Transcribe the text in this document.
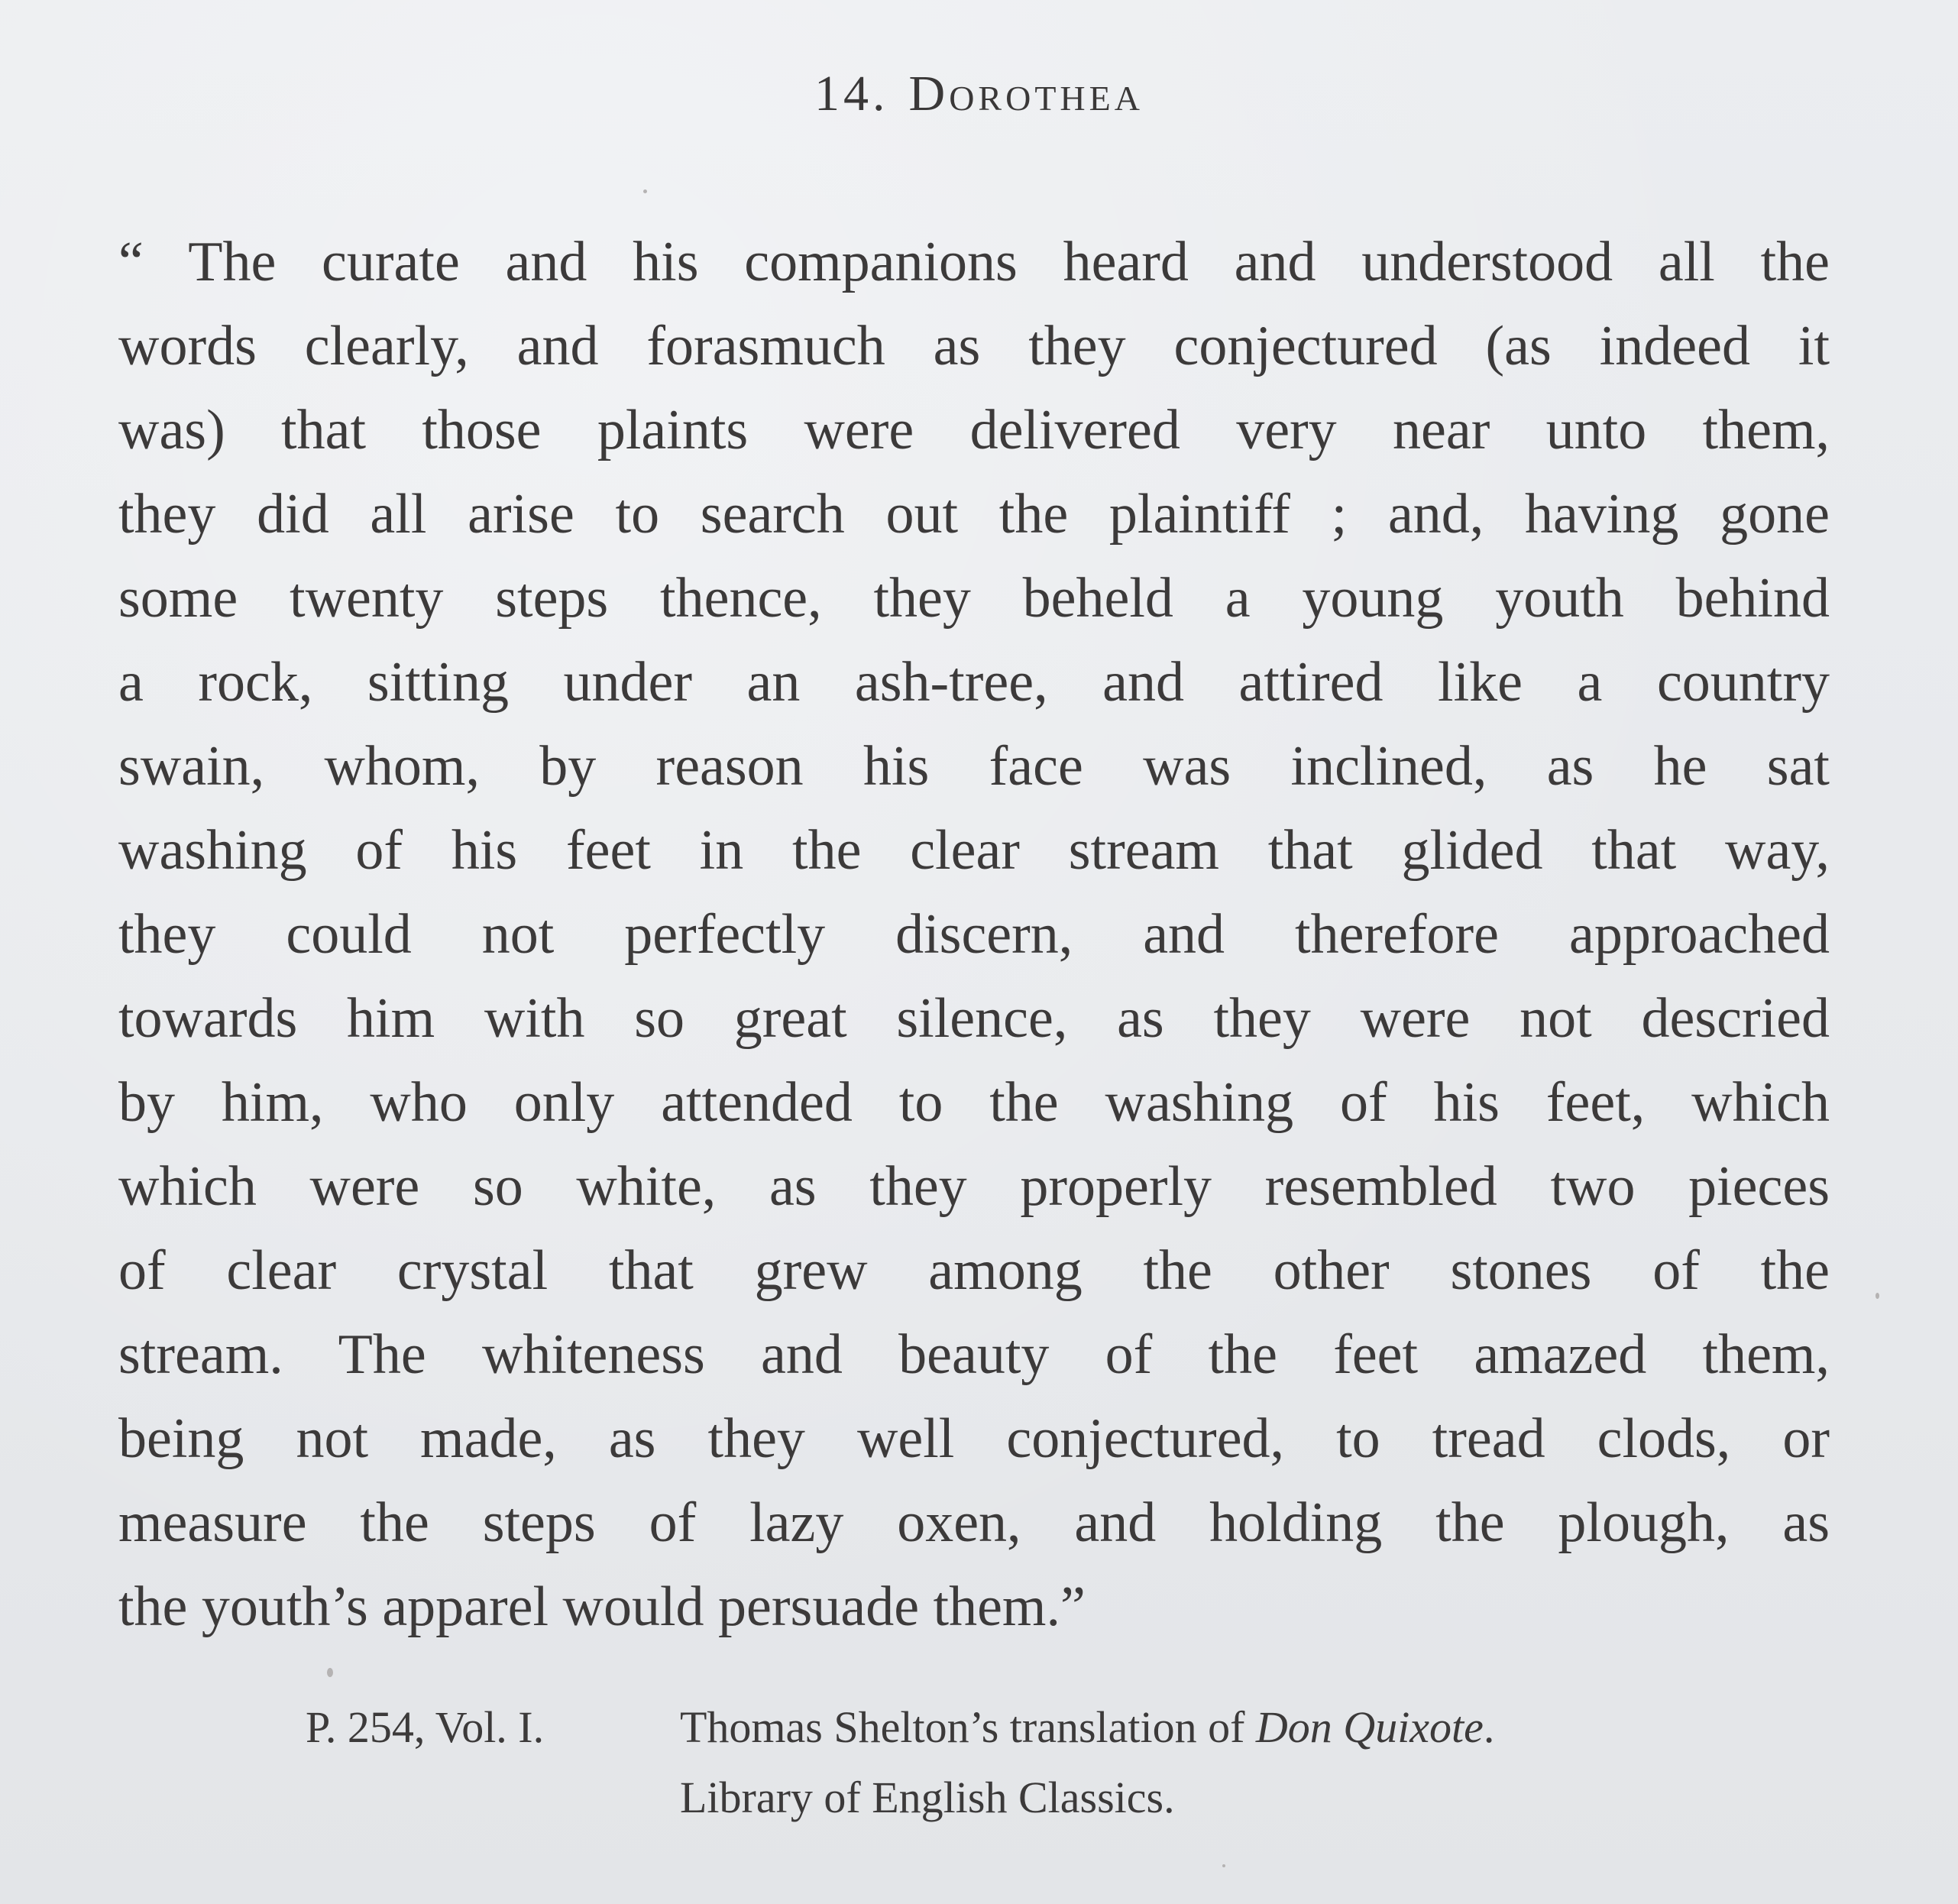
14. Dorothea
“ The curate and his companions heard and understood all the
words clearly, and forasmuch as they conjectured (as indeed it
was) that those plaints were delivered very near unto them,
they did all arise to search out the plaintiff ; and, having gone
some twenty steps thence, they beheld a young youth behind
a rock, sitting under an ash-tree, and attired like a country
swain, whom, by reason his face was inclined, as he sat
washing of his feet in the clear stream that glided that way,
they could not perfectly discern, and therefore approached
towards him with so great silence, as they were not descried
by him, who only attended to the washing of his feet, which
which were so white, as they properly resembled two pieces
of clear crystal that grew among the other stones of the
stream. The whiteness and beauty of the feet amazed them,
being not made, as they well conjectured, to tread clods, or
measure the steps of lazy oxen, and holding the plough, as
the youth’s apparel would persuade them.”
P. 254, Vol. I.	Thomas Shelton’s translation of Don Quixote.
Library of English Classics.
